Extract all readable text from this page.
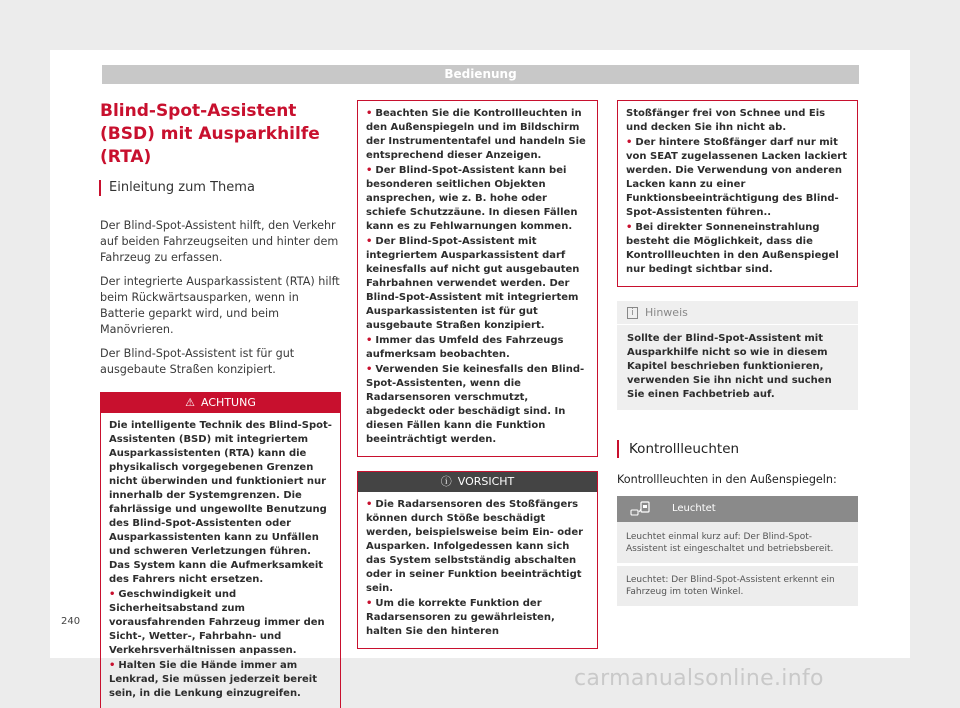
Bedienung
Blind-Spot-Assistent (BSD) mit Ausparkhilfe (RTA)
Einleitung zum Thema

Der Blind-Spot-Assistent hilft, den Verkehr auf beiden Fahrzeugseiten und hinter dem Fahrzeug zu erfassen.

Der integrierte Ausparkassistent (RTA) hilft beim Rückwärtsausparken, wenn in Batterie geparkt wird, und beim Manövrieren.

Der Blind-Spot-Assistent ist für gut ausgebaute Straßen konzipiert.

⚠ ACHTUNG

Die intelligente Technik des Blind-Spot-Assistenten (BSD) mit integriertem Ausparkassistenten (RTA) kann die physikalisch vorgegebenen Grenzen nicht überwinden und funktioniert nur innerhalb der Systemgrenzen. Die fahrlässige und ungewollte Benutzung des Blind-Spot-Assistenten oder Ausparkassistenten kann zu Unfällen und schweren Verletzungen führen. Das System kann die Aufmerksamkeit des Fahrers nicht ersetzen.

• Geschwindigkeit und Sicherheitsabstand zum vorausfahrenden Fahrzeug immer den Sicht-, Wetter-, Fahrbahn- und Verkehrsverhältnissen anpassen.

• Halten Sie die Hände immer am Lenkrad, Sie müssen jederzeit bereit sein, in die Lenkung einzugreifen.

• Beachten Sie die Kontrollleuchten in den Außenspiegeln und im Bildschirm der Instrumententafel und handeln Sie entsprechend dieser Anzeigen.

• Der Blind-Spot-Assistent kann bei besonderen seitlichen Objekten ansprechen, wie z. B. hohe oder schiefe Schutzzäune. In diesen Fällen kann es zu Fehlwarnungen kommen.

• Der Blind-Spot-Assistent mit integriertem Ausparkassistent darf keinesfalls auf nicht gut ausgebauten Fahrbahnen verwendet werden. Der Blind-Spot-Assistent mit integriertem Ausparkassistenten ist für gut ausgebaute Straßen konzipiert.

• Immer das Umfeld des Fahrzeugs aufmerksam beobachten.

• Verwenden Sie keinesfalls den Blind-Spot-Assistenten, wenn die Radarsensoren verschmutzt, abgedeckt oder beschädigt sind. In diesen Fällen kann die Funktion beeinträchtigt werden.

ⓘ VORSICHT

• Die Radarsensoren des Stoßfängers können durch Stöße beschädigt werden, beispielsweise beim Ein- oder Ausparken. Infolgedessen kann sich das System selbstständig abschalten oder in seiner Funktion beeinträchtigt sein.

• Um die korrekte Funktion der Radarsensoren zu gewährleisten, halten Sie den hinteren

Stoßfänger frei von Schnee und Eis und decken Sie ihn nicht ab.

• Der hintere Stoßfänger darf nur mit von SEAT zugelassenen Lacken lackiert werden. Die Verwendung von anderen Lacken kann zu einer Funktionsbeeinträchtigung des Blind-Spot-Assistenten führen..

• Bei direkter Sonneneinstrahlung besteht die Möglichkeit, dass die Kontrollleuchten in den Außenspiegel nur bedingt sichtbar sind.

i	Hinweis
Sollte der Blind-Spot-Assistent mit Ausparkhilfe nicht so wie in diesem Kapitel beschrieben funktionieren, verwenden Sie ihn nicht und suchen Sie einen Fachbetrieb auf.
Kontrollleuchten
Kontrollleuchten in den Außenspiegeln:
Leuchtet
Leuchtet einmal kurz auf: Der Blind-Spot-Assistent ist eingeschaltet und betriebsbereit.
Leuchtet: Der Blind-Spot-Assistent erkennt ein Fahrzeug im toten Winkel.
240
carmanualsonline.info
